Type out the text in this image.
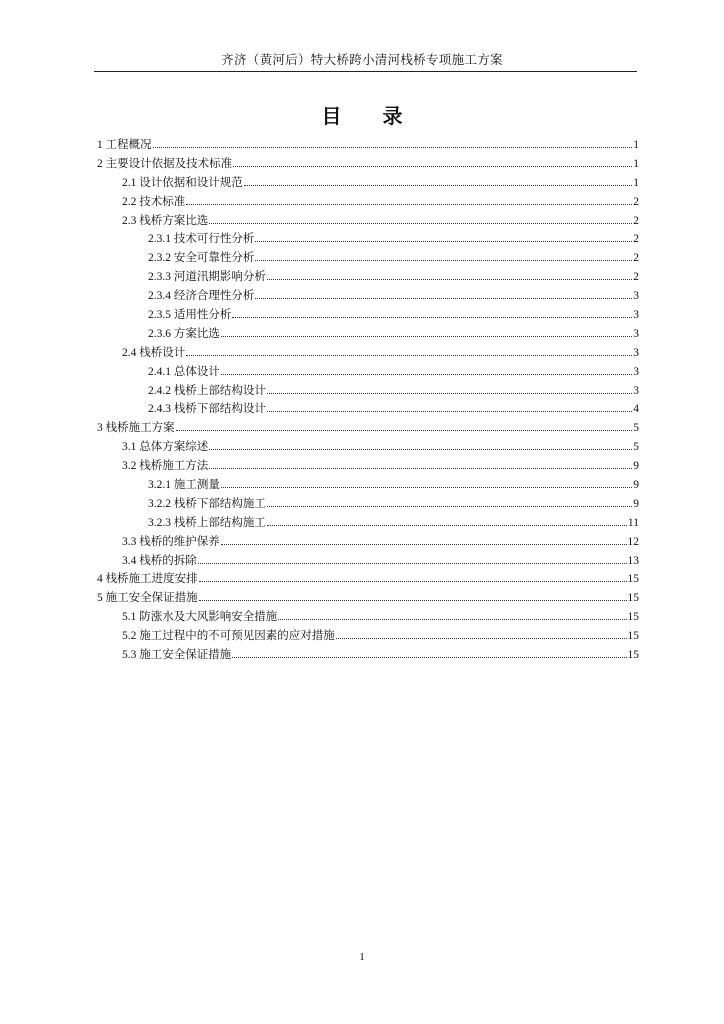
齐济（黄河后）特大桥跨小清河栈桥专项施工方案
目 录
1 工程概况	1
2 主要设计依据及技术标准	1
2.1 设计依据和设计规范	1
2.2 技术标准	2
2.3 栈桥方案比选	2
2.3.1 技术可行性分析	2
2.3.2 安全可靠性分析	2
2.3.3 河道汛期影响分析	2
2.3.4 经济合理性分析	3
2.3.5 适用性分析	3
2.3.6 方案比选	3
2.4 栈桥设计	3
2.4.1 总体设计	3
2.4.2 栈桥上部结构设计	3
2.4.3 栈桥下部结构设计	4
3 栈桥施工方案	5
3.1 总体方案综述	5
3.2 栈桥施工方法	9
3.2.1 施工测量	9
3.2.2 栈桥下部结构施工	9
3.2.3 栈桥上部结构施工	11
3.3 栈桥的维护保养	12
3.4 栈桥的拆除	13
4 栈桥施工进度安排	15
5 施工安全保证措施	15
5.1 防涨水及大风影响安全措施	15
5.2 施工过程中的不可预见因素的应对措施	15
5.3 施工安全保证措施	15
1
